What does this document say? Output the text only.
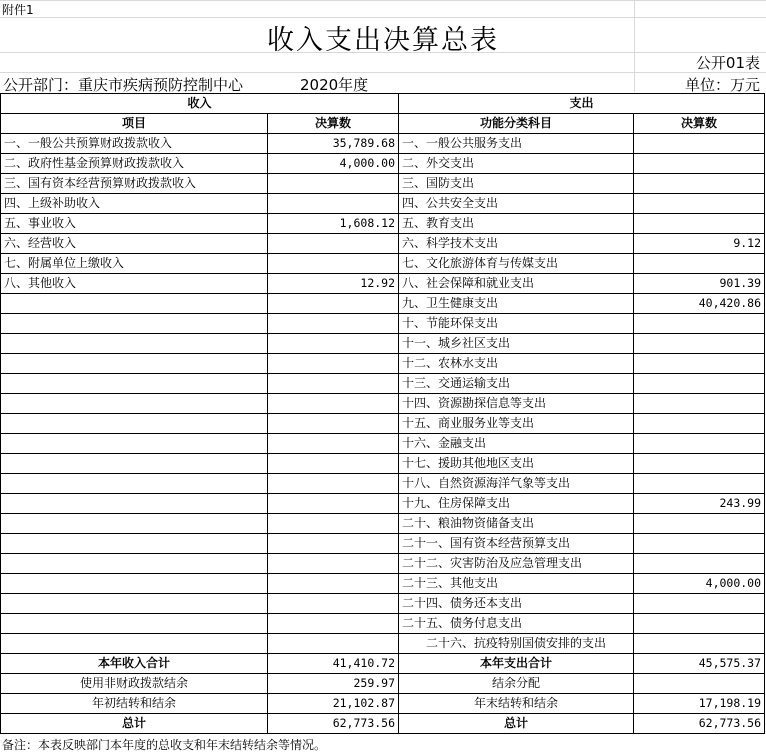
附件1
收入支出决算总表
公开01表
公开部门：重庆市疾病预防控制中心	2020年度	单位：万元
收入		支出	
项目	决算数	功能分类科目	决算数
一、一般公共预算财政拨款收入	35,789.68	一、一般公共服务支出	
二、政府性基金预算财政拨款收入	4,000.00	二、外交支出	
三、国有资本经营预算财政拨款收入		三、国防支出	
四、上级补助收入		四、公共安全支出	
五、事业收入	1,608.12	五、教育支出	
六、经营收入		六、科学技术支出	9.12
七、附属单位上缴收入		七、文化旅游体育与传媒支出	
八、其他收入	12.92	八、社会保障和就业支出	901.39
		九、卫生健康支出	40,420.86
		十、节能环保支出	
		十一、城乡社区支出	
		十二、农林水支出	
		十三、交通运输支出	
		十四、资源勘探信息等支出	
		十五、商业服务业等支出	
		十六、金融支出	
		十七、援助其他地区支出	
		十八、自然资源海洋气象等支出	
		十九、住房保障支出	243.99
		二十、粮油物资储备支出	
		二十一、国有资本经营预算支出	
		二十二、灾害防治及应急管理支出	
		二十三、其他支出	4,000.00
		二十四、债务还本支出	
		二十五、债务付息支出	
		二十六、抗疫特别国债安排的支出	
本年收入合计	41,410.72	本年支出合计	45,575.37
使用非财政拨款结余	259.97	结余分配	
年初结转和结余	21,102.87	年末结转和结余	17,198.19
总计	62,773.56	总计	62,773.56
备注：本表反映部门本年度的总收支和年末结转结余等情况。
